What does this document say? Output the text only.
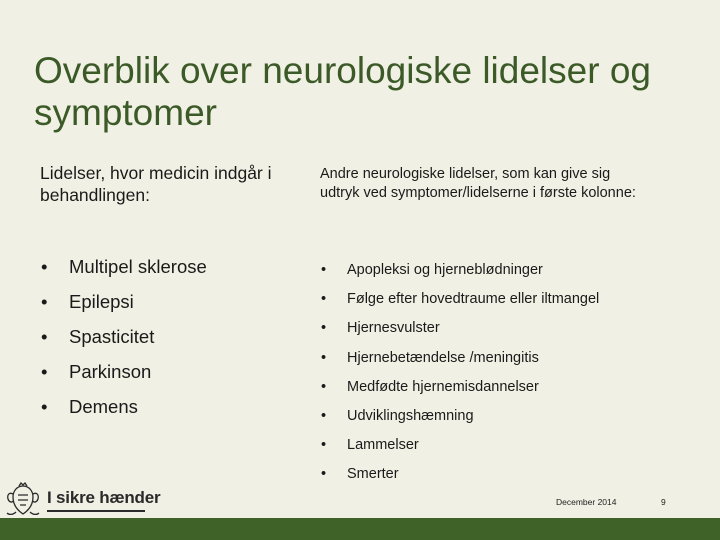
Overblik over neurologiske lidelser og symptomer

Lidelser, hvor medicin indgår i behandlingen:

Andre neurologiske lidelser, som kan give sig udtryk ved symptomer/lidelserne i første kolonne:

• Multipel sklerose
• Epilepsi
• Spasticitet
• Parkinson
• Demens
• Apopleksi og hjerneblødninger
• Følge efter hovedtraume eller iltmangel
• Hjernesvulster
• Hjernebetændelse /meningitis
• Medfødte hjernemisdannelser
• Udviklingshæmning
• Lammelser
• Smerter
I sikre hænder	December 2014	9
